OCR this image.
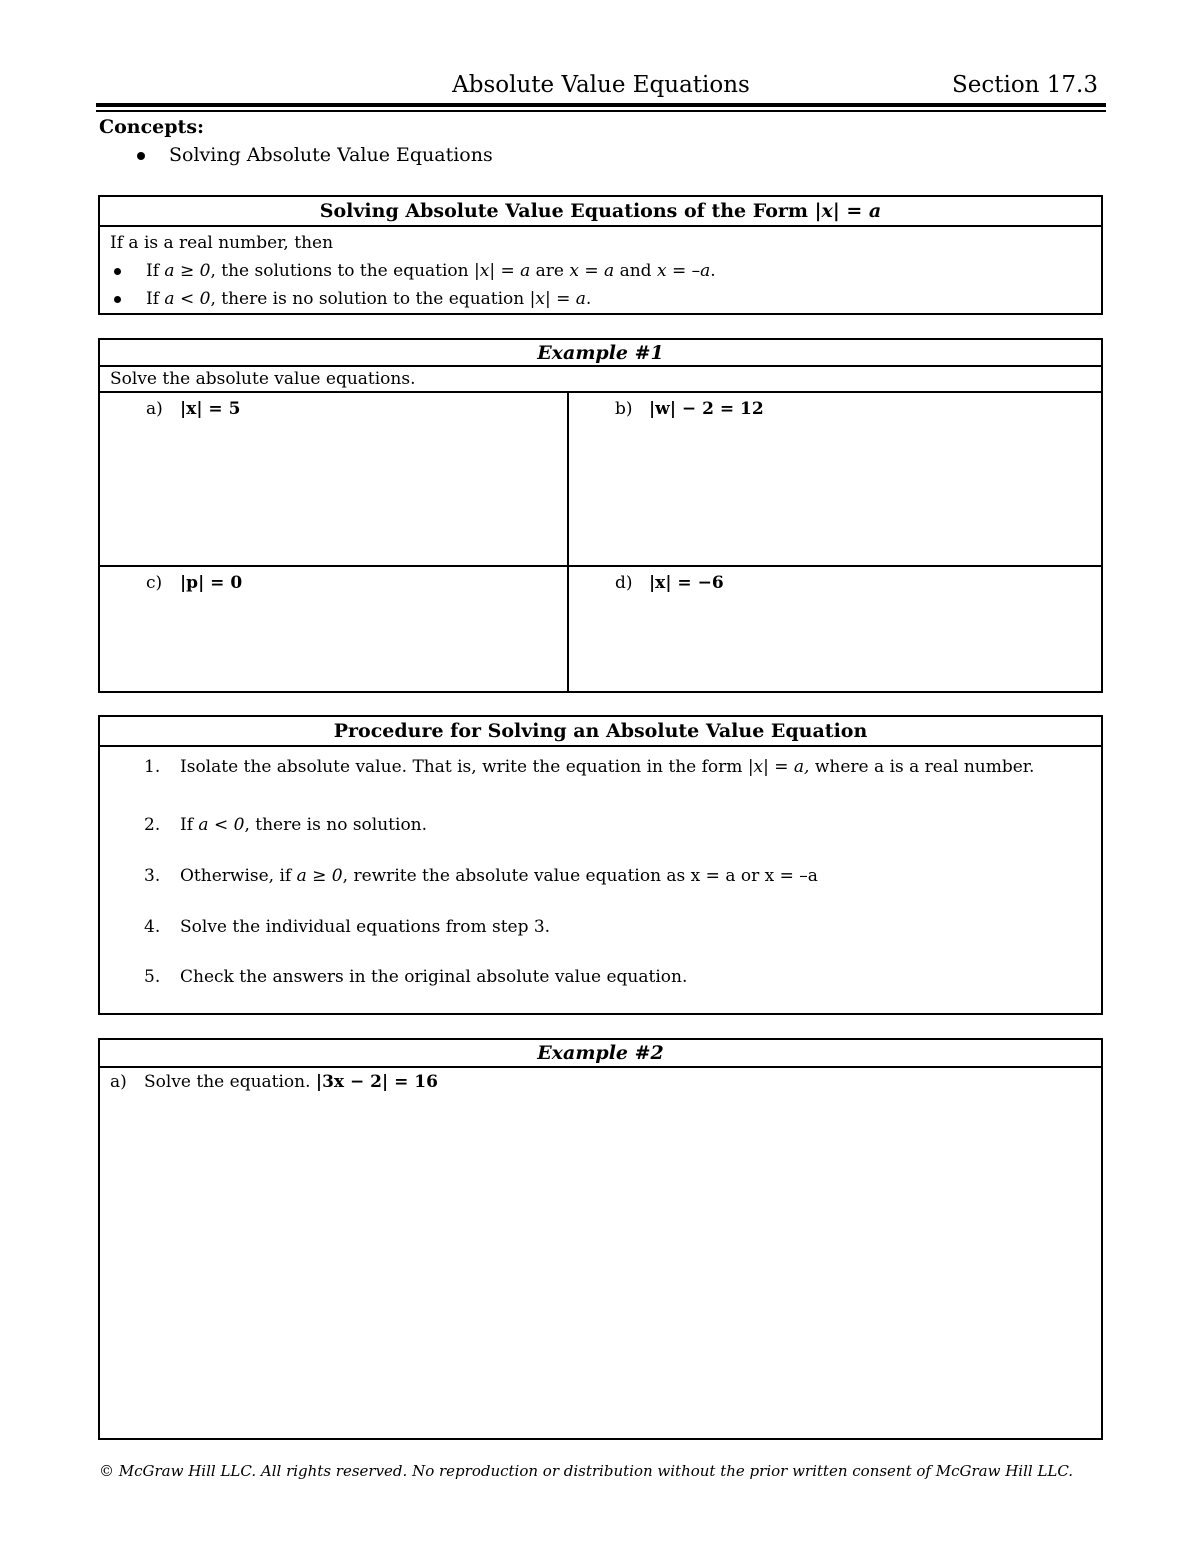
Absolute Value Equations	Section 17.3
Concepts:
Solving Absolute Value Equations
Solving Absolute Value Equations of the Form |x| = a
If a is a real number, then
If a ≥ 0, the solutions to the equation |x| = a are x = a and x = –a.
If a < 0, there is no solution to the equation |x| = a.
Example #1
Solve the absolute value equations.
a) |x| = 5	b) |w| − 2 = 12
c) |p| = 0	d) |x| = −6
Procedure for Solving an Absolute Value Equation
1.	Isolate the absolute value. That is, write the equation in the form |x| = a, where a is a real number.
2.	If a < 0, there is no solution.
3.	Otherwise, if a ≥ 0, rewrite the absolute value equation as x = a or x = –a
4.	Solve the individual equations from step 3.
5.	Check the answers in the original absolute value equation.
Example #2
a) Solve the equation. |3x − 2| = 16
© McGraw Hill LLC. All rights reserved. No reproduction or distribution without the prior written consent of McGraw Hill LLC.
